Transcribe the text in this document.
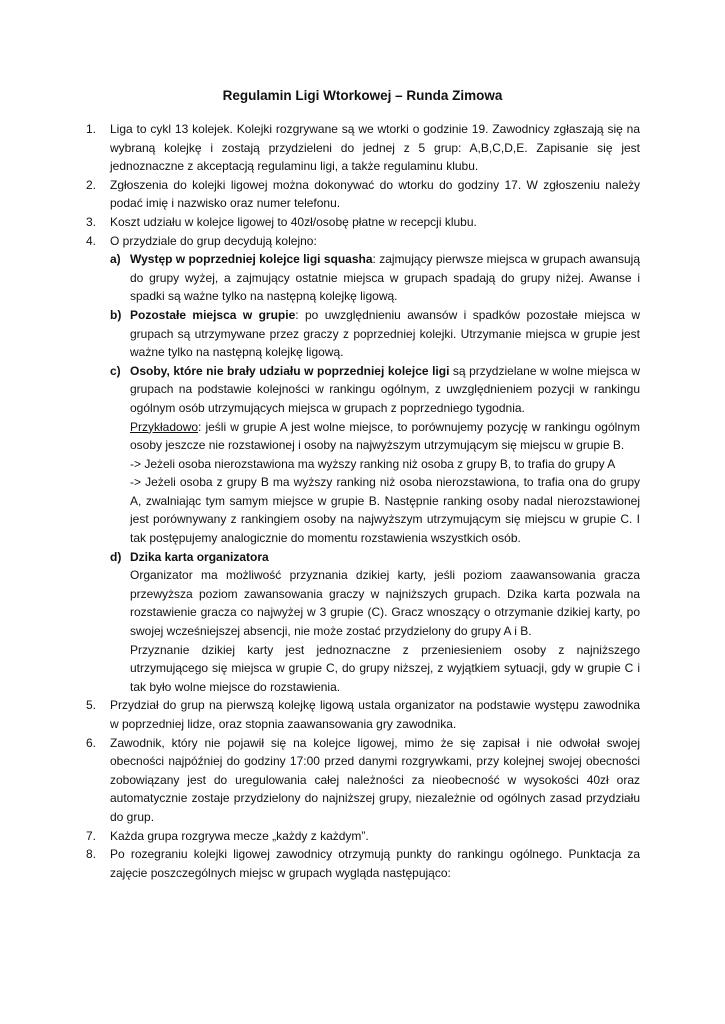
Regulamin Ligi Wtorkowej – Runda Zimowa
1. Liga to cykl 13 kolejek. Kolejki rozgrywane są we wtorki o godzinie 19. Zawodnicy zgłaszają się na wybraną kolejkę i zostają przydzieleni do jednej z 5 grup: A,B,C,D,E. Zapisanie się jest jednoznaczne z akceptacją regulaminu ligi, a także regulaminu klubu.

2. Zgłoszenia do kolejki ligowej można dokonywać do wtorku do godziny 17. W zgłoszeniu należy podać imię i nazwisko oraz numer telefonu.

3. Koszt udziału w kolejce ligowej to 40zł/osobę płatne w recepcji klubu.

4. O przydziale do grup decydują kolejno:

a) Występ w poprzedniej kolejce ligi squasha: zajmujący pierwsze miejsca w grupach awansują do grupy wyżej, a zajmujący ostatnie miejsca w grupach spadają do grupy niżej. Awanse i spadki są ważne tylko na następną kolejkę ligową.

b) Pozostałe miejsca w grupie: po uwzględnieniu awansów i spadków pozostałe miejsca w grupach są utrzymywane przez graczy z poprzedniej kolejki. Utrzymanie miejsca w grupie jest ważne tylko na następną kolejkę ligową.

c) Osoby, które nie brały udziału w poprzedniej kolejce ligi są przydzielane w wolne miejsca w grupach na podstawie kolejności w rankingu ogólnym, z uwzględnieniem pozycji w rankingu ogólnym osób utrzymujących miejsca w grupach z poprzedniego tygodnia.

Przykładowo: jeśli w grupie A jest wolne miejsce, to porównujemy pozycję w rankingu ogólnym osoby jeszcze nie rozstawionej i osoby na najwyższym utrzymującym się miejscu w grupie B.

-> Jeżeli osoba nierozstawiona ma wyższy ranking niż osoba z grupy B, to trafia do grupy A

-> Jeżeli osoba z grupy B ma wyższy ranking niż osoba nierozstawiona, to trafia ona do grupy A, zwalniając tym samym miejsce w grupie B. Następnie ranking osoby nadal nierozstawionej jest porównywany z rankingiem osoby na najwyższym utrzymującym się miejscu w grupie C. I tak postępujemy analogicznie do momentu rozstawienia wszystkich osób.

d) Dzika karta organizatora

Organizator ma możliwość przyznania dzikiej karty, jeśli poziom zaawansowania gracza przewyższa poziom zawansowania graczy w najniższych grupach. Dzika karta pozwala na rozstawienie gracza co najwyżej w 3 grupie (C). Gracz wnoszący o otrzymanie dzikiej karty, po swojej wcześniejszej absencji, nie może zostać przydzielony do grupy A i B.

Przyznanie dzikiej karty jest jednoznaczne z przeniesieniem osoby z najniższego utrzymującego się miejsca w grupie C, do grupy niższej, z wyjątkiem sytuacji, gdy w grupie C i tak było wolne miejsce do rozstawienia.

5. Przydział do grup na pierwszą kolejkę ligową ustala organizator na podstawie występu zawodnika w poprzedniej lidze, oraz stopnia zaawansowania gry zawodnika.

6. Zawodnik, który nie pojawił się na kolejce ligowej, mimo że się zapisał i nie odwołał swojej obecności najpóźniej do godziny 17:00 przed danymi rozgrywkami, przy kolejnej swojej obecności zobowiązany jest do uregulowania całej należności za nieobecność w wysokości 40zł oraz automatycznie zostaje przydzielony do najniższej grupy, niezależnie od ogólnych zasad przydziału do grup.

7. Każda grupa rozgrywa mecze „każdy z każdym”.

8. Po rozegraniu kolejki ligowej zawodnicy otrzymują punkty do rankingu ogólnego. Punktacja za zajęcie poszczególnych miejsc w grupach wygląda następująco:
